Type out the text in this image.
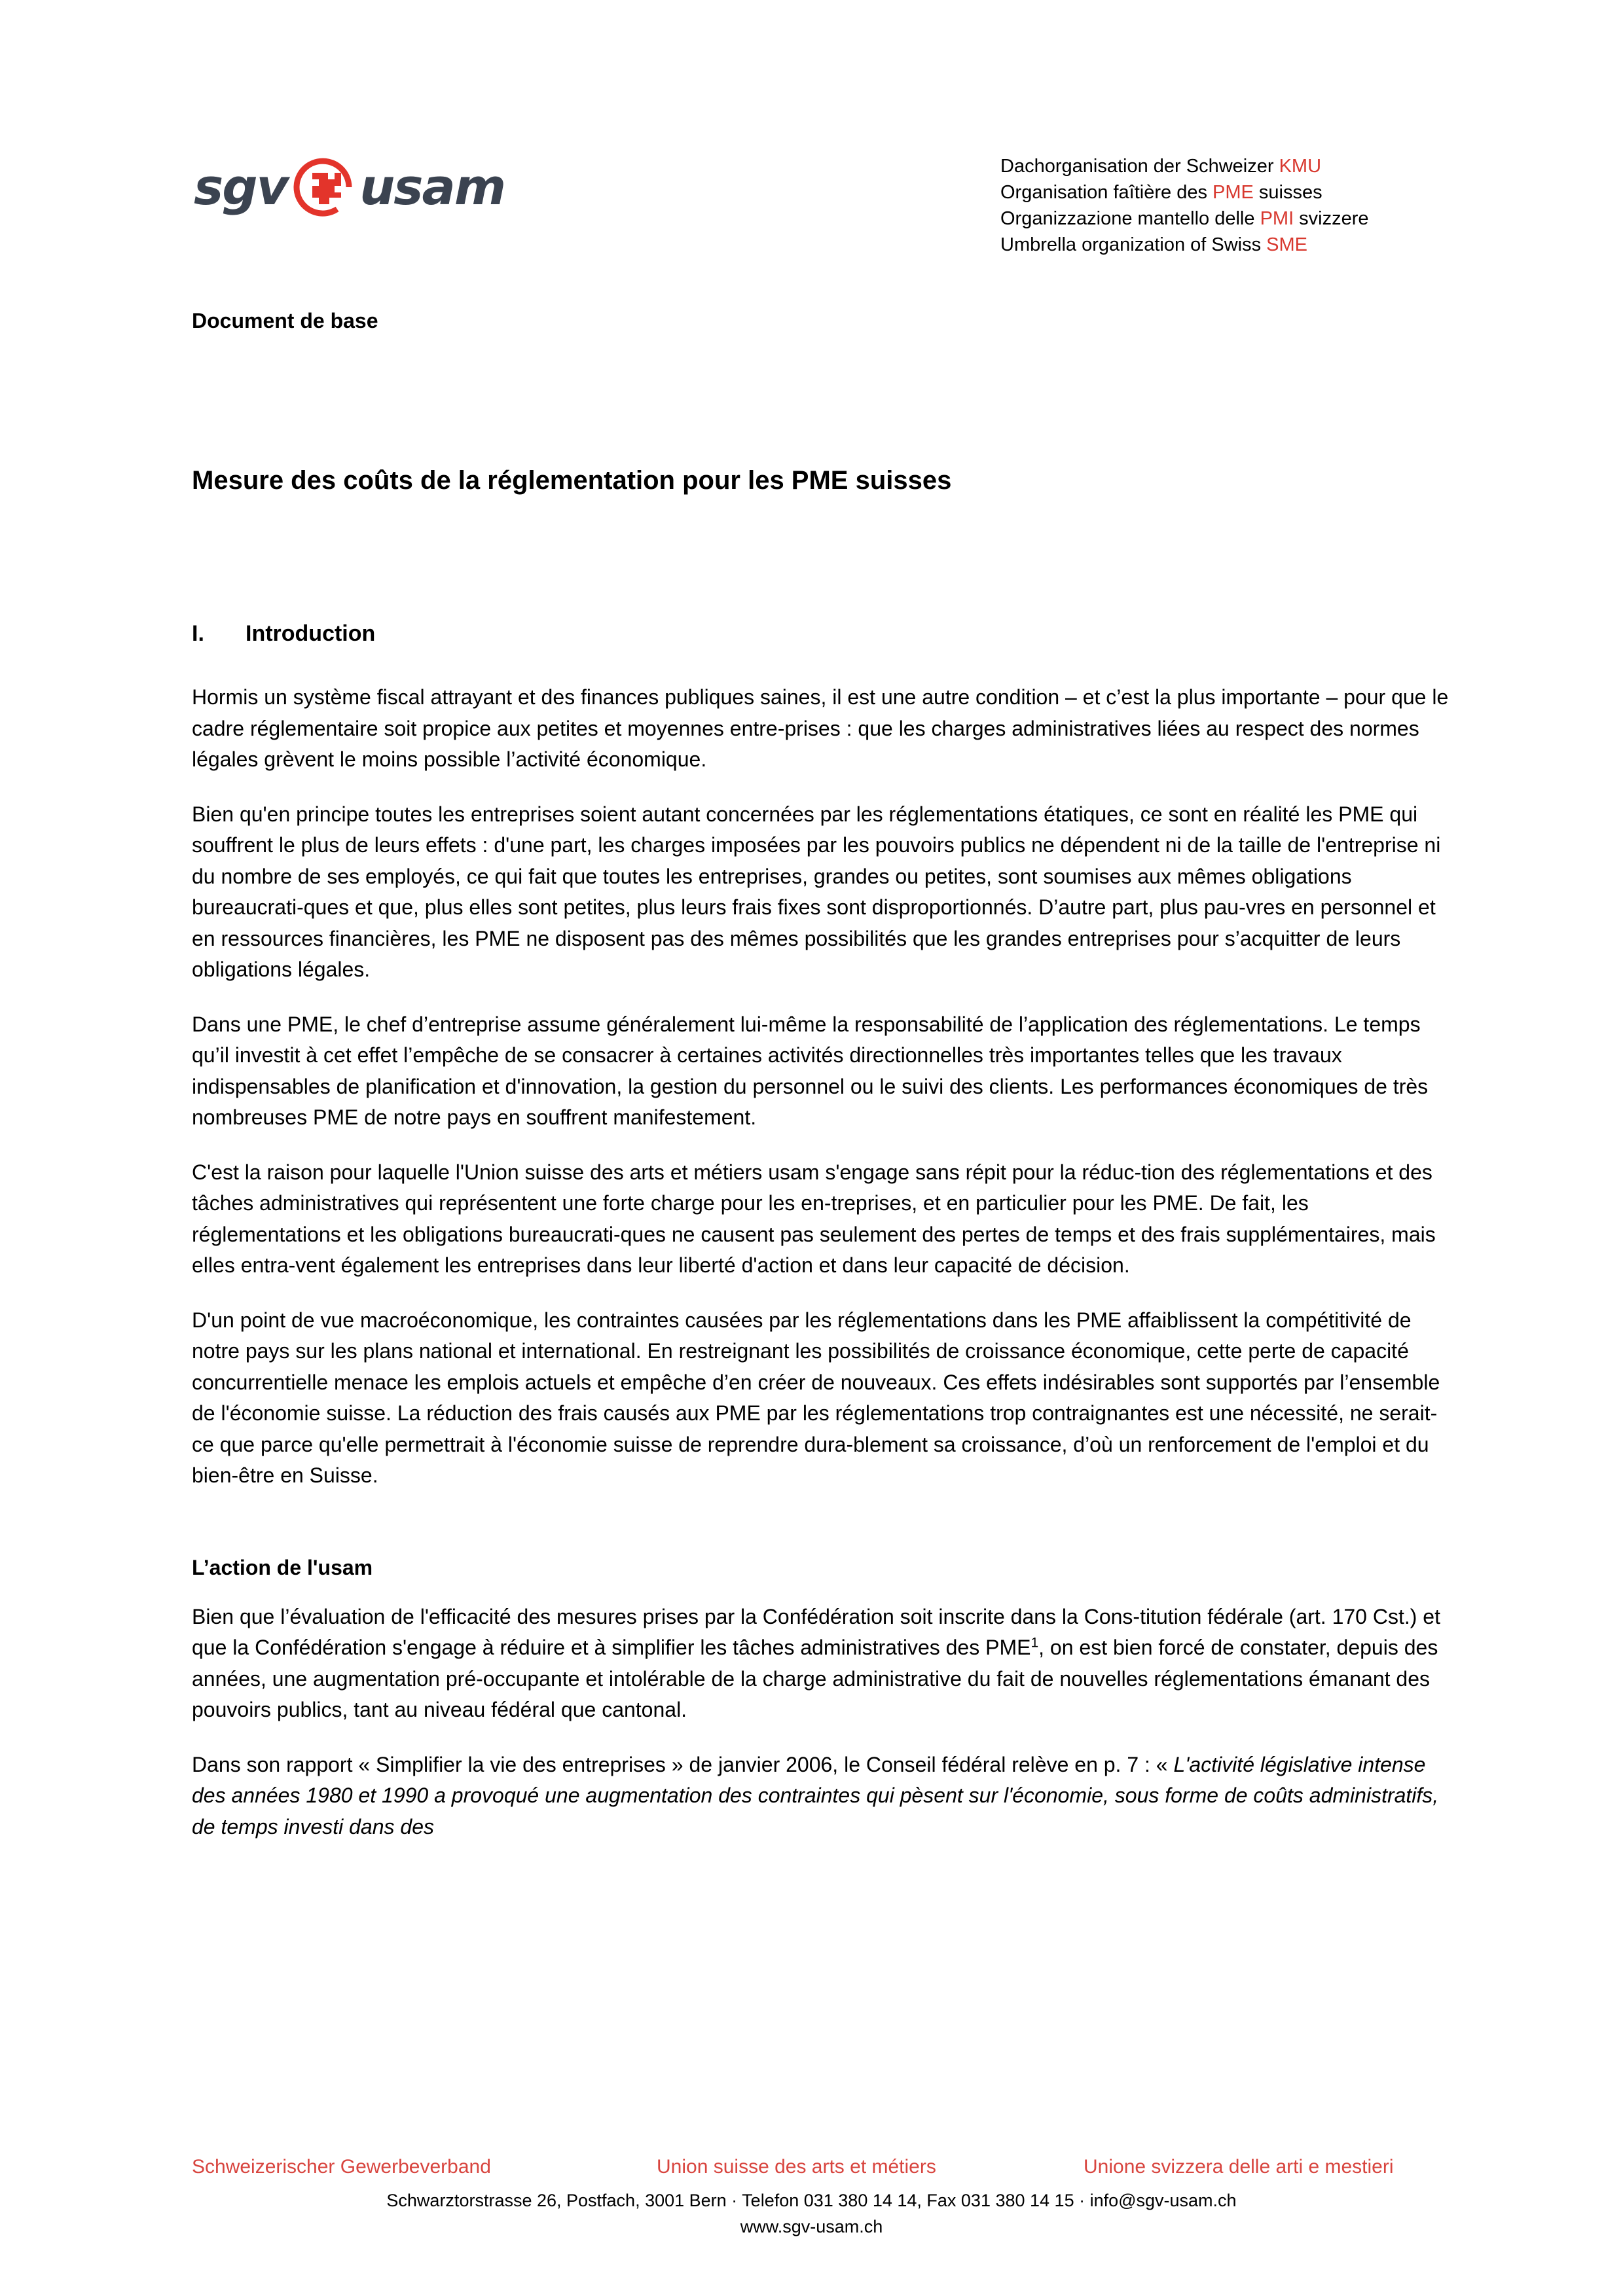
sgv usam	Dachorganisation der Schweizer KMU
Organisation faîtière des PME suisses
Organizzazione mantello delle PMI svizzere
Umbrella organization of Swiss SME
Document de base
Mesure des coûts de la réglementation pour les PME suisses
I.	Introduction

Hormis un système fiscal attrayant et des finances publiques saines, il est une autre condition – et c’est la plus importante – pour que le cadre réglementaire soit propice aux petites et moyennes entre-prises : que les charges administratives liées au respect des normes légales grèvent le moins possible l’activité économique.

Bien qu'en principe toutes les entreprises soient autant concernées par les réglementations étatiques, ce sont en réalité les PME qui souffrent le plus de leurs effets : d'une part, les charges imposées par les pouvoirs publics ne dépendent ni de la taille de l'entreprise ni du nombre de ses employés, ce qui fait que toutes les entreprises, grandes ou petites, sont soumises aux mêmes obligations bureaucrati-ques et que, plus elles sont petites, plus leurs frais fixes sont disproportionnés. D’autre part, plus pau-vres en personnel et en ressources financières, les PME ne disposent pas des mêmes possibilités que les grandes entreprises pour s’acquitter de leurs obligations légales.

Dans une PME, le chef d’entreprise assume généralement lui-même la responsabilité de l’application des réglementations. Le temps qu’il investit à cet effet l’empêche de se consacrer à certaines activités directionnelles très importantes telles que les travaux indispensables de planification et d'innovation, la gestion du personnel ou le suivi des clients. Les performances économiques de très nombreuses PME de notre pays en souffrent manifestement.

C'est la raison pour laquelle l'Union suisse des arts et métiers usam s'engage sans répit pour la réduc-tion des réglementations et des tâches administratives qui représentent une forte charge pour les en-treprises, et en particulier pour les PME. De fait, les réglementations et les obligations bureaucrati-ques ne causent pas seulement des pertes de temps et des frais supplémentaires, mais elles entra-vent également les entreprises dans leur liberté d'action et dans leur capacité de décision.

D'un point de vue macroéconomique, les contraintes causées par les réglementations dans les PME affaiblissent la compétitivité de notre pays sur les plans national et international. En restreignant les possibilités de croissance économique, cette perte de capacité concurrentielle menace les emplois actuels et empêche d’en créer de nouveaux. Ces effets indésirables sont supportés par l’ensemble de l'économie suisse. La réduction des frais causés aux PME par les réglementations trop contraignantes est une nécessité, ne serait-ce que parce qu'elle permettrait à l'économie suisse de reprendre dura-blement sa croissance, d’où un renforcement de l'emploi et du bien-être en Suisse.

L’action de l'usam

Bien que l’évaluation de l'efficacité des mesures prises par la Confédération soit inscrite dans la Cons-titution fédérale (art. 170 Cst.) et que la Confédération s'engage à réduire et à simplifier les tâches administratives des PME$^1$, on est bien forcé de constater, depuis des années, une augmentation pré-occupante et intolérable de la charge administrative du fait de nouvelles réglementations émanant des pouvoirs publics, tant au niveau fédéral que cantonal.

Dans son rapport « Simplifier la vie des entreprises » de janvier 2006, le Conseil fédéral relève en p. 7 : « L'activité législative intense des années 1980 et 1990 a provoqué une augmentation des contraintes qui pèsent sur l'économie, sous forme de coûts administratifs, de temps investi dans des

Schweizerischer Gewerbeverband	Union suisse des arts et métiers	Unione svizzera delle arti e mestieri
Schwarztorstrasse 26, Postfach, 3001 Bern · Telefon 031 380 14 14, Fax 031 380 14 15 · info@sgv-usam.ch
www.sgv-usam.ch
